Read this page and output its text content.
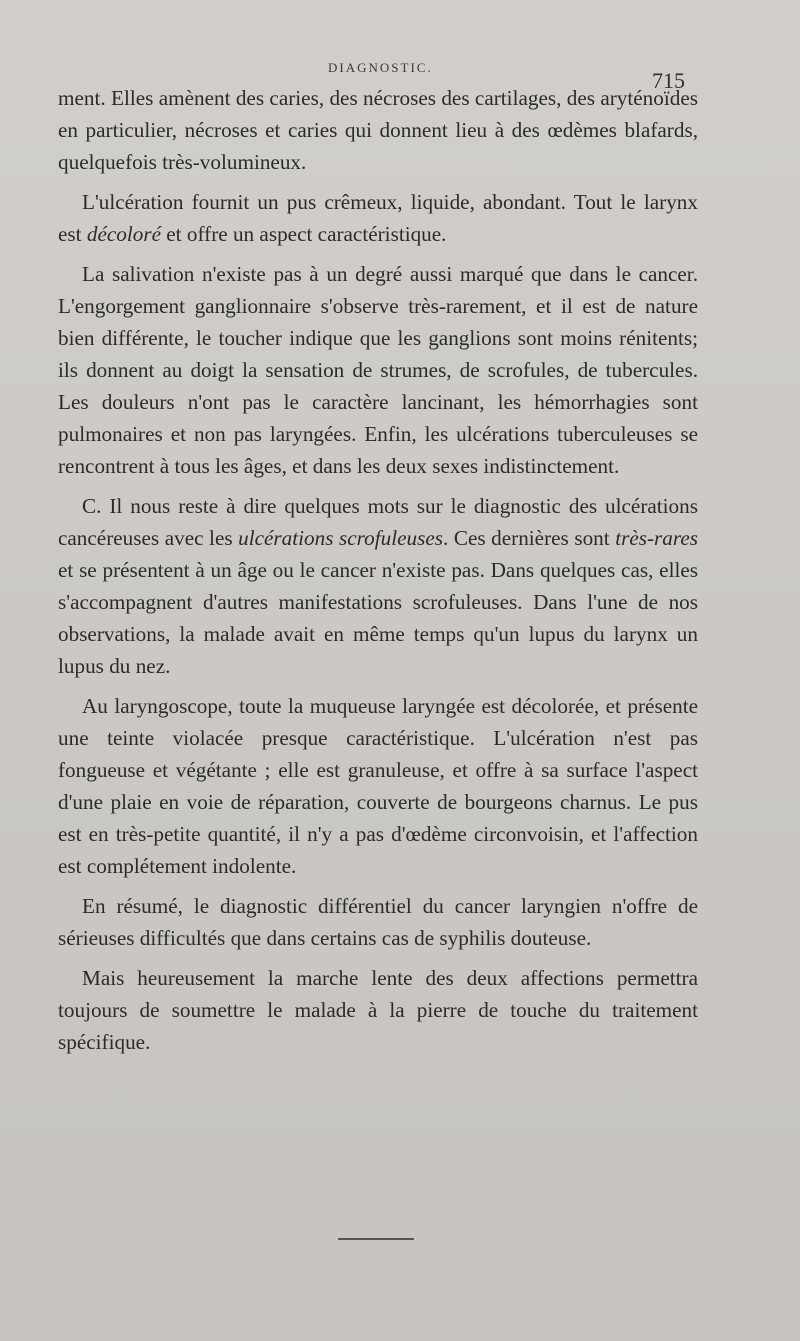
DIAGNOSTIC.
715

ment. Elles amènent des caries, des nécroses des cartilages, des aryténoïdes en particulier, nécroses et caries qui donnent lieu à des œdèmes blafards, quelquefois très-volumineux.

L'ulcération fournit un pus crêmeux, liquide, abondant. Tout le larynx est décoloré et offre un aspect caractéristique.

La salivation n'existe pas à un degré aussi marqué que dans le cancer. L'engorgement ganglionnaire s'observe très-rarement, et il est de nature bien différente, le toucher indique que les ganglions sont moins rénitents; ils donnent au doigt la sensation de strumes, de scrofules, de tubercules. Les douleurs n'ont pas le caractère lancinant, les hémorrhagies sont pulmonaires et non pas laryngées. Enfin, les ulcérations tuberculeuses se rencontrent à tous les âges, et dans les deux sexes indistinctement.

C. Il nous reste à dire quelques mots sur le diagnostic des ulcérations cancéreuses avec les ulcérations scrofuleuses. Ces dernières sont très-rares et se présentent à un âge ou le cancer n'existe pas. Dans quelques cas, elles s'accompagnent d'autres manifestations scrofuleuses. Dans l'une de nos observations, la malade avait en même temps qu'un lupus du larynx un lupus du nez.

Au laryngoscope, toute la muqueuse laryngée est décolorée, et présente une teinte violacée presque caractéristique. L'ulcération n'est pas fongueuse et végétante ; elle est granuleuse, et offre à sa surface l'aspect d'une plaie en voie de réparation, couverte de bourgeons charnus. Le pus est en très-petite quantité, il n'y a pas d'œdème circonvoisin, et l'affection est complétement indolente.

En résumé, le diagnostic différentiel du cancer laryngien n'offre de sérieuses difficultés que dans certains cas de syphilis douteuse.

Mais heureusement la marche lente des deux affections permettra toujours de soumettre le malade à la pierre de touche du traitement spécifique.
